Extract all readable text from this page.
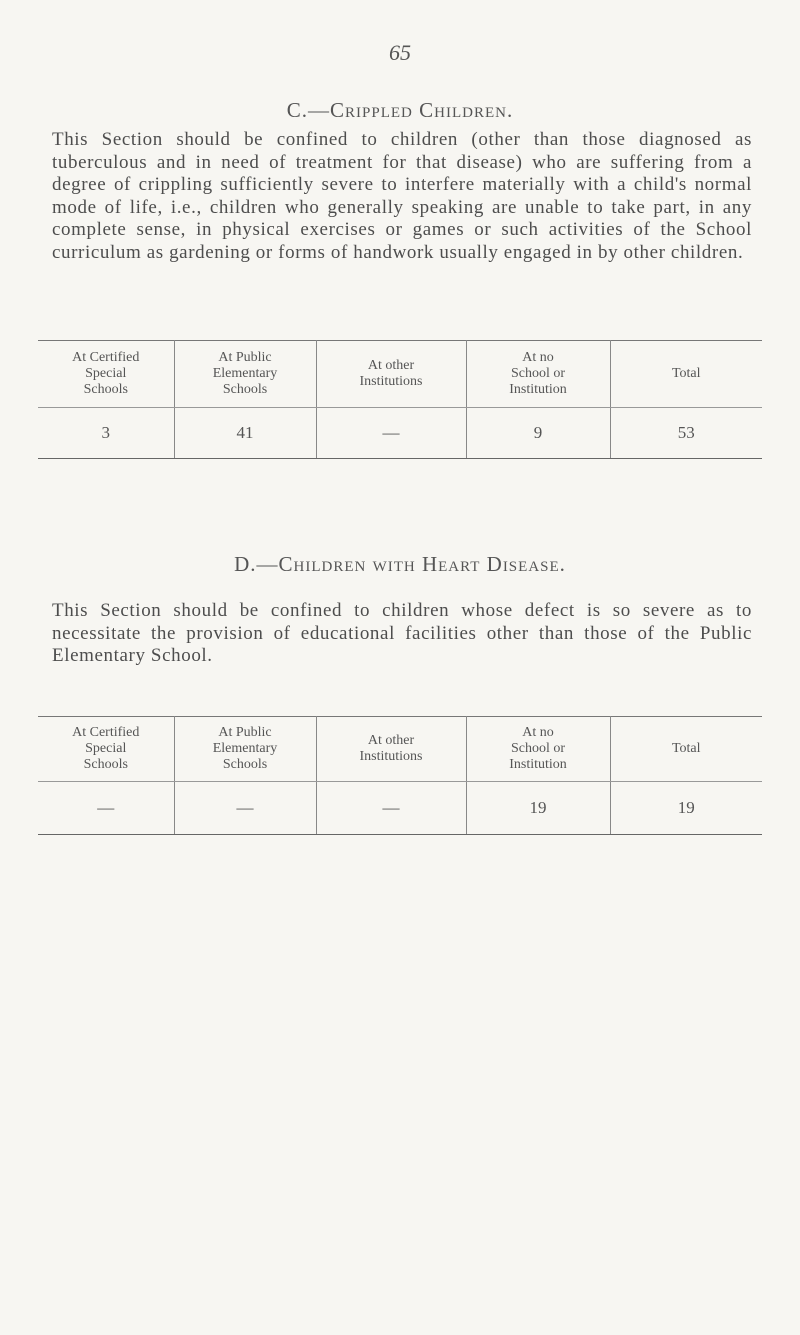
65
C.—Crippled Children.
This Section should be confined to children (other than those diagnosed as tuberculous and in need of treatment for that disease) who are suffering from a degree of crippling sufficiently severe to interfere materially with a child's normal mode of life, i.e., children who generally speaking are unable to take part, in any complete sense, in physical exercises or games or such activities of the School curriculum as gardening or forms of handwork usually engaged in by other children.
At Certified
Special
Schools	At Public
Elementary
Schools	At other
Institutions	At no
School or
Institution	Total
3	41	—	9	53
D.—Children with Heart Disease.
This Section should be confined to children whose defect is so severe as to necessitate the provision of educational facilities other than those of the Public Elementary School.
At Certified
Special
Schools	At Public
Elementary
Schools	At other
Institutions	At no
School or
Institution	Total
—	—	—	19	19
